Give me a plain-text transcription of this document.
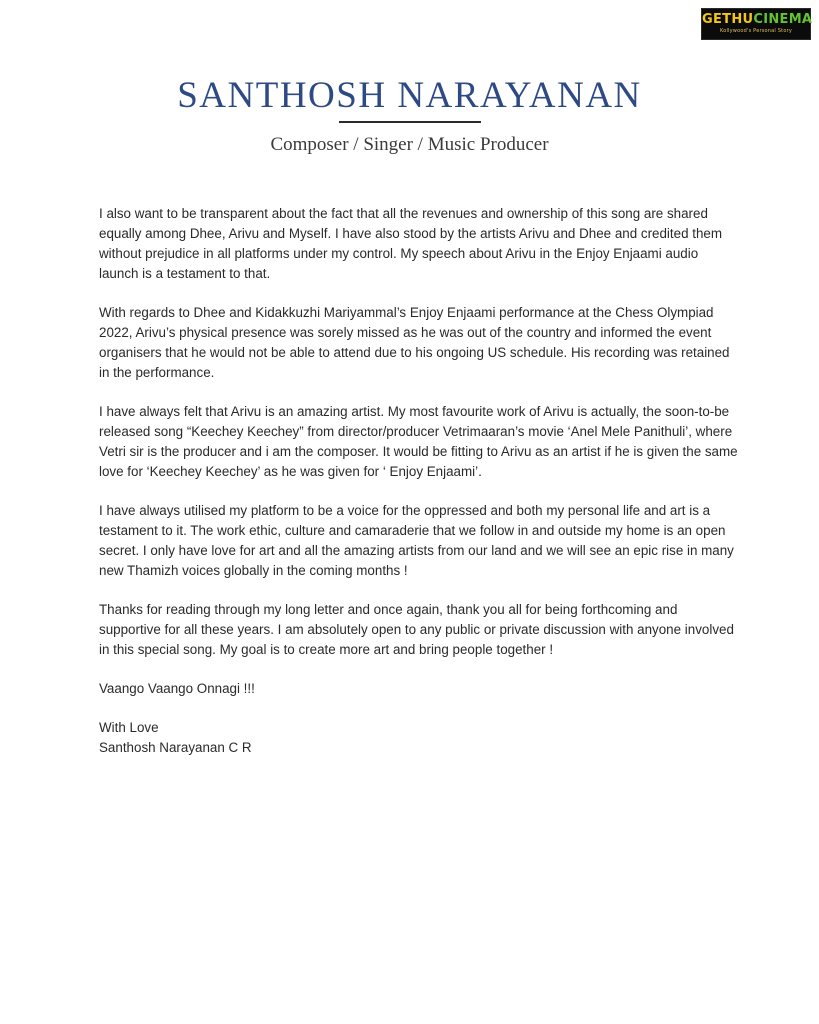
GETHUCINEMA
Kollywood's Personal Story
SANTHOSH NARAYANAN
Composer / Singer / Music Producer

I also want to be transparent about the fact that all the revenues and ownership of this song are shared equally among Dhee, Arivu and Myself. I have also stood by the artists Arivu and Dhee and credited them without prejudice in all platforms under my control. My speech about Arivu in the Enjoy Enjaami audio launch is a testament to that.

With regards to Dhee and Kidakkuzhi Mariyammal’s Enjoy Enjaami performance at the Chess Olympiad 2022, Arivu’s physical presence was sorely missed as he was out of the country and informed the event organisers that he would not be able to attend due to his ongoing US schedule. His recording was retained in the performance.

I have always felt that Arivu is an amazing artist. My most favourite work of Arivu is actually, the soon-to-be released song “Keechey Keechey” from director/producer Vetrimaaran’s movie ‘Anel Mele Panithuli’, where Vetri sir is the producer and i am the composer. It would be fitting to Arivu as an artist if he is given the same love for ‘Keechey Keechey’ as he was given for ‘ Enjoy Enjaami’.

I have always utilised my platform to be a voice for the oppressed and both my personal life and art is a testament to it. The work ethic, culture and camaraderie that we follow in and outside my home is an open secret. I only have love for art and all the amazing artists from our land and we will see an epic rise in many new Thamizh voices globally in the coming months !

Thanks for reading through my long letter and once again, thank you all for being forthcoming and supportive for all these years. I am absolutely open to any public or private discussion with anyone involved in this special song. My goal is to create more art and bring people together !

Vaango Vaango Onnagi !!!

With Love
Santhosh Narayanan C R
